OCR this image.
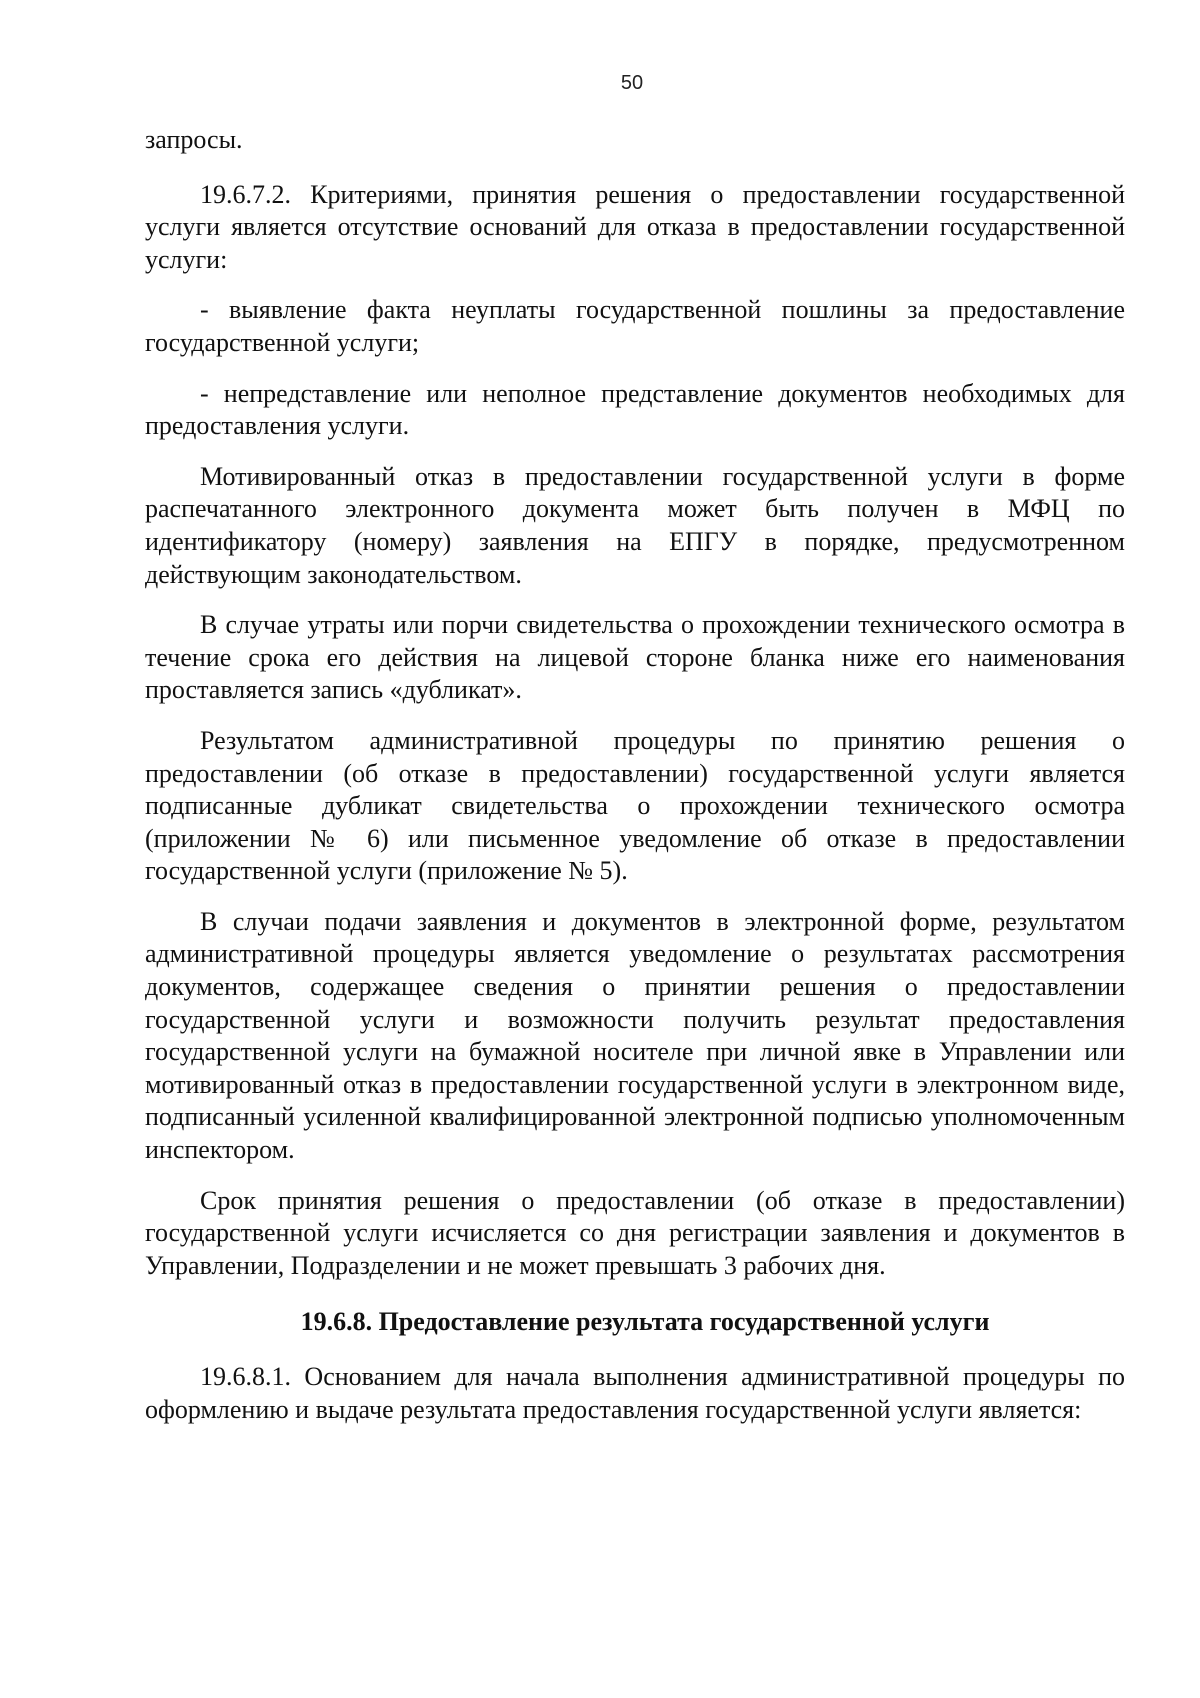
50

запросы.

19.6.7.2. Критериями, принятия решения о предоставлении государственной услуги является отсутствие оснований для отказа в предоставлении государственной услуги:

- выявление факта неуплаты государственной пошлины за предоставление государственной услуги;

- непредставление или неполное представление документов необходимых для предоставления услуги.

Мотивированный отказ в предоставлении государственной услуги в форме распечатанного электронного документа может быть получен в МФЦ по идентификатору (номеру) заявления на ЕПГУ в порядке, предусмотренном действующим законодательством.

В случае утраты или порчи свидетельства о прохождении технического осмотра в течение срока его действия на лицевой стороне бланка ниже его наименования проставляется запись «дубликат».

Результатом административной процедуры по принятию решения о предоставлении (об отказе в предоставлении) государственной услуги является подписанные дубликат свидетельства о прохождении технического осмотра (приложении № 6) или письменное уведомление об отказе в предоставлении государственной услуги (приложение № 5).

В случаи подачи заявления и документов в электронной форме, результатом административной процедуры является уведомление о результатах рассмотрения документов, содержащее сведения о принятии решения о предоставлении государственной услуги и возможности получить результат предоставления государственной услуги на бумажной носителе при личной явке в Управлении или мотивированный отказ в предоставлении государственной услуги в электронном виде, подписанный усиленной квалифицированной электронной подписью уполномоченным инспектором.

Срок принятия решения о предоставлении (об отказе в предоставлении) государственной услуги исчисляется со дня регистрации заявления и документов в Управлении, Подразделении и не может превышать 3 рабочих дня.

19.6.8. Предоставление результата государственной услуги

19.6.8.1. Основанием для начала выполнения административной процедуры по оформлению и выдаче результата предоставления государственной услуги является:
